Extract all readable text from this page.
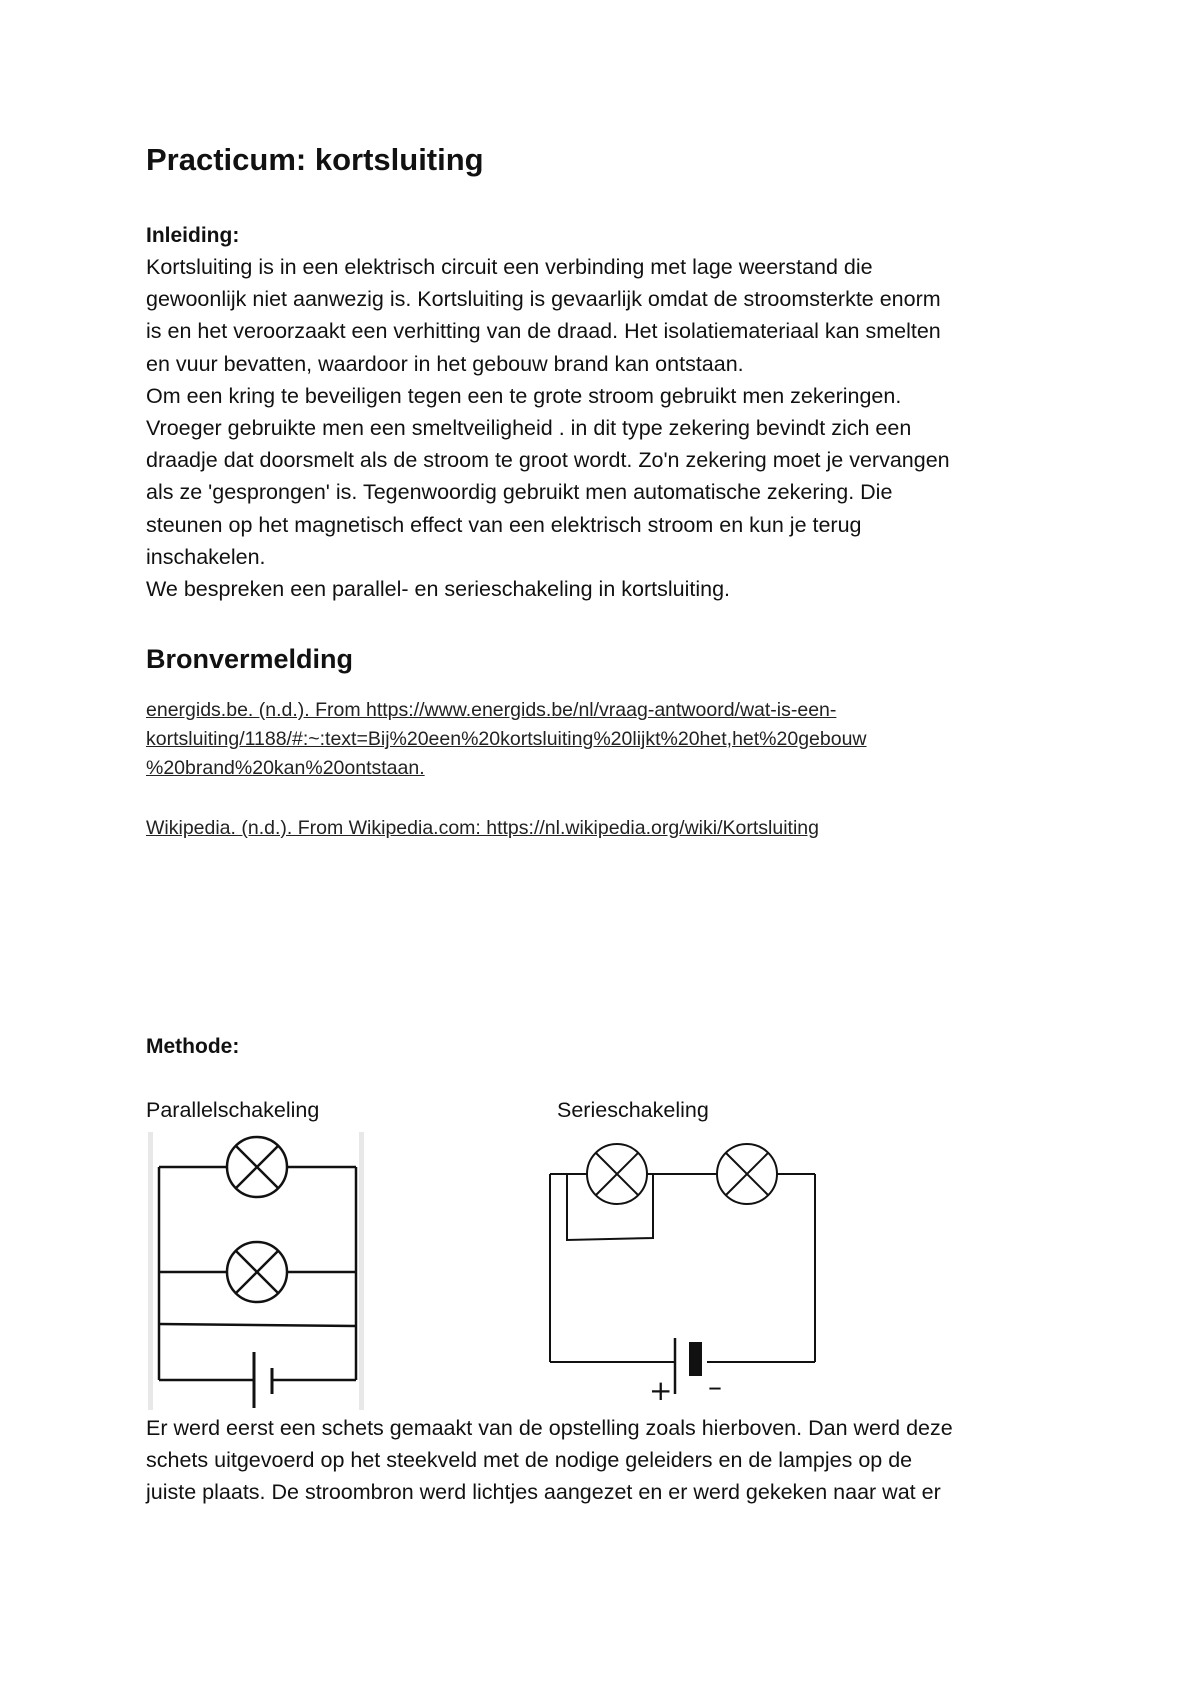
Practicum: kortsluiting
Inleiding:

Kortsluiting is in een elektrisch circuit een verbinding met lage weerstand die
gewoonlijk niet aanwezig is. Kortsluiting is gevaarlijk omdat de stroomsterkte enorm
is en het veroorzaakt een verhitting van de draad. Het isolatiemateriaal kan smelten
en vuur bevatten, waardoor in het gebouw brand kan ontstaan.
Om een kring te beveiligen tegen een te grote stroom gebruikt men zekeringen.
Vroeger gebruikte men een smeltveiligheid . in dit type zekering bevindt zich een
draadje dat doorsmelt als de stroom te groot wordt. Zo'n zekering moet je vervangen
als ze 'gesprongen' is. Tegenwoordig gebruikt men automatische zekering. Die
steunen op het magnetisch effect van een elektrisch stroom en kun je terug
inschakelen.
We bespreken een parallel- en serieschakeling in kortsluiting.

Bronvermelding
energids.be. (n.d.). From https://www.energids.be/nl/vraag-antwoord/wat-is-een-
kortsluiting/1188/#:~:text=Bij%20een%20kortsluiting%20lijkt%20het,het%20gebouw
%20brand%20kan%20ontstaan.
Wikipedia. (n.d.). From Wikipedia.com: https://nl.wikipedia.org/wiki/Kortsluiting
Methode:

Parallelschakeling	Serieschakeling

+ –

Er werd eerst een schets gemaakt van de opstelling zoals hierboven. Dan werd deze
schets uitgevoerd op het steekveld met de nodige geleiders en de lampjes op de
juiste plaats. De stroombron werd lichtjes aangezet en er werd gekeken naar wat er
